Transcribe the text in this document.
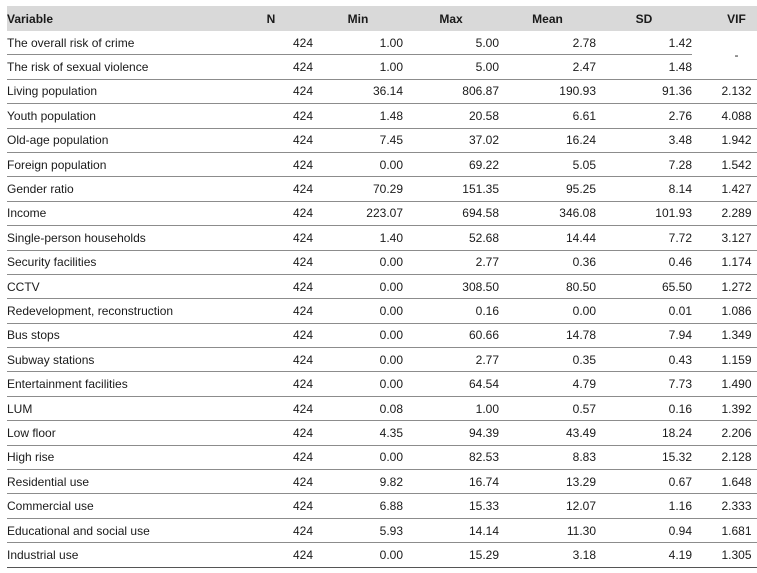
Variable	N	Min	Max	Mean	SD	VIF
The overall risk of crime	424	1.00	5.00	2.78	1.42	-
The risk of sexual violence	424	1.00	5.00	2.47	1.48	
Living population	424	36.14	806.87	190.93	91.36	2.132
Youth population	424	1.48	20.58	6.61	2.76	4.088
Old-age population	424	7.45	37.02	16.24	3.48	1.942
Foreign population	424	0.00	69.22	5.05	7.28	1.542
Gender ratio	424	70.29	151.35	95.25	8.14	1.427
Income	424	223.07	694.58	346.08	101.93	2.289
Single-person households	424	1.40	52.68	14.44	7.72	3.127
Security facilities	424	0.00	2.77	0.36	0.46	1.174
CCTV	424	0.00	308.50	80.50	65.50	1.272
Redevelopment, reconstruction	424	0.00	0.16	0.00	0.01	1.086
Bus stops	424	0.00	60.66	14.78	7.94	1.349
Subway stations	424	0.00	2.77	0.35	0.43	1.159
Entertainment facilities	424	0.00	64.54	4.79	7.73	1.490
LUM	424	0.08	1.00	0.57	0.16	1.392
Low floor	424	4.35	94.39	43.49	18.24	2.206
High rise	424	0.00	82.53	8.83	15.32	2.128
Residential use	424	9.82	16.74	13.29	0.67	1.648
Commercial use	424	6.88	15.33	12.07	1.16	2.333
Educational and social use	424	5.93	14.14	11.30	0.94	1.681
Industrial use	424	0.00	15.29	3.18	4.19	1.305
